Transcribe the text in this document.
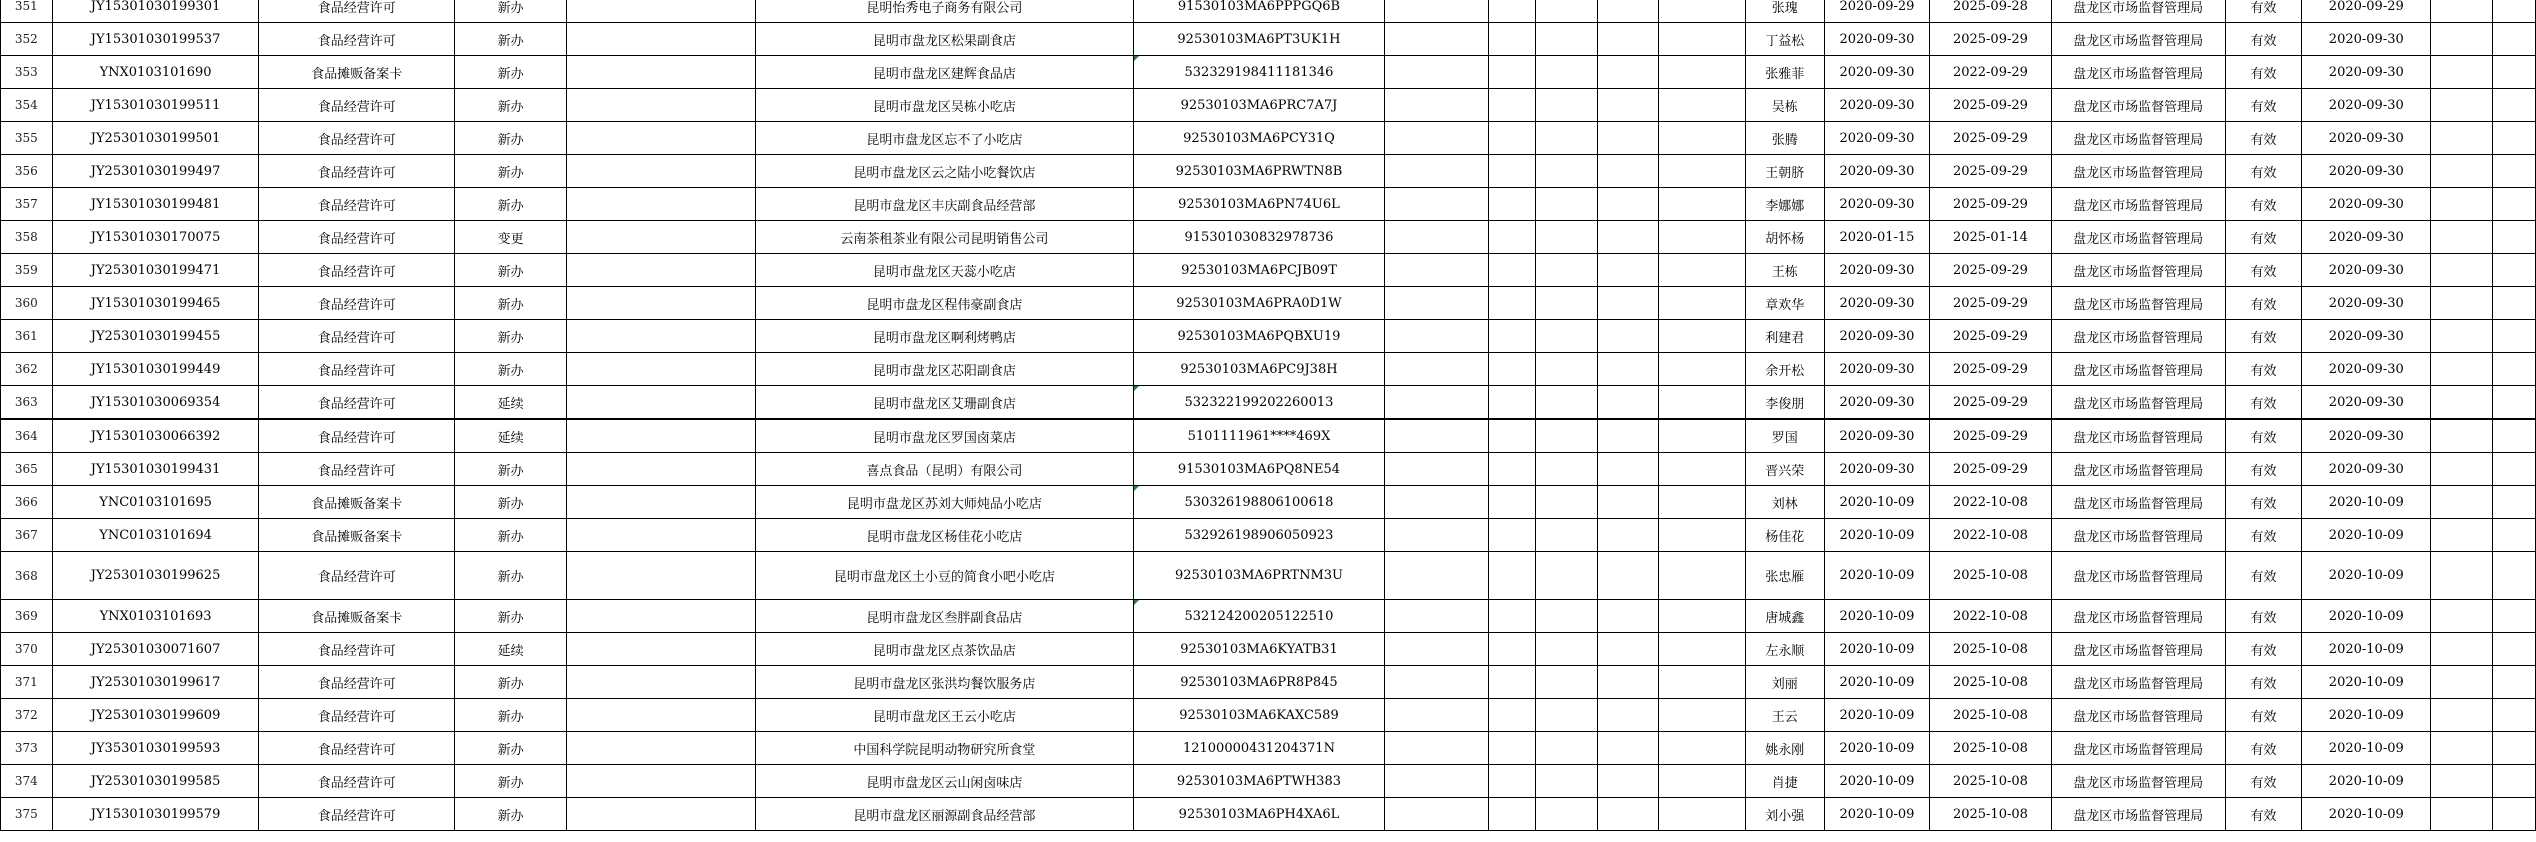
351	JY15301030199301	食品经营许可	新办		昆明怡秀电子商务有限公司	91530103MA6PPPGQ6B						张瑰	2020-09-29	2025-09-28	盘龙区市场监督管理局	有效	2020-09-29		
352	JY15301030199537	食品经营许可	新办		昆明市盘龙区松果副食店	92530103MA6PT3UK1H						丁益松	2020-09-30	2025-09-29	盘龙区市场监督管理局	有效	2020-09-30		
353	YNX0103101690	食品摊贩备案卡	新办		昆明市盘龙区建辉食品店	532329198411181346						张雅菲	2020-09-30	2022-09-29	盘龙区市场监督管理局	有效	2020-09-30		
354	JY15301030199511	食品经营许可	新办		昆明市盘龙区吴栋小吃店	92530103MA6PRC7A7J						吴栋	2020-09-30	2025-09-29	盘龙区市场监督管理局	有效	2020-09-30		
355	JY25301030199501	食品经营许可	新办		昆明市盘龙区忘不了小吃店	92530103MA6PCY31Q						张腾	2020-09-30	2025-09-29	盘龙区市场监督管理局	有效	2020-09-30		
356	JY25301030199497	食品经营许可	新办		昆明市盘龙区云之陆小吃餐饮店	92530103MA6PRWTN8B						王朝脐	2020-09-30	2025-09-29	盘龙区市场监督管理局	有效	2020-09-30		
357	JY15301030199481	食品经营许可	新办		昆明市盘龙区丰庆副食品经营部	92530103MA6PN74U6L						李娜娜	2020-09-30	2025-09-29	盘龙区市场监督管理局	有效	2020-09-30		
358	JY15301030170075	食品经营许可	变更		云南茶租茶业有限公司昆明销售公司	915301030832978736						胡怀杨	2020-01-15	2025-01-14	盘龙区市场监督管理局	有效	2020-09-30		
359	JY25301030199471	食品经营许可	新办		昆明市盘龙区天蕊小吃店	92530103MA6PCJB09T						王栋	2020-09-30	2025-09-29	盘龙区市场监督管理局	有效	2020-09-30		
360	JY15301030199465	食品经营许可	新办		昆明市盘龙区程伟豪副食店	92530103MA6PRA0D1W						章欢华	2020-09-30	2025-09-29	盘龙区市场监督管理局	有效	2020-09-30		
361	JY25301030199455	食品经营许可	新办		昆明市盘龙区啊利烤鸭店	92530103MA6PQBXU19						利建君	2020-09-30	2025-09-29	盘龙区市场监督管理局	有效	2020-09-30		
362	JY15301030199449	食品经营许可	新办		昆明市盘龙区芯阳副食店	92530103MA6PC9J38H						余开松	2020-09-30	2025-09-29	盘龙区市场监督管理局	有效	2020-09-30		
363	JY15301030069354	食品经营许可	延续		昆明市盘龙区艾珊副食店	532322199202260013						李俊朋	2020-09-30	2025-09-29	盘龙区市场监督管理局	有效	2020-09-30		
364	JY15301030066392	食品经营许可	延续		昆明市盘龙区罗国卤菜店	5101111961****469X						罗国	2020-09-30	2025-09-29	盘龙区市场监督管理局	有效	2020-09-30		
365	JY15301030199431	食品经营许可	新办		喜点食品（昆明）有限公司	91530103MA6PQ8NE54						晋兴荣	2020-09-30	2025-09-29	盘龙区市场监督管理局	有效	2020-09-30		
366	YNC0103101695	食品摊贩备案卡	新办		昆明市盘龙区苏刘大师炖品小吃店	530326198806100618						刘林	2020-10-09	2022-10-08	盘龙区市场监督管理局	有效	2020-10-09		
367	YNC0103101694	食品摊贩备案卡	新办		昆明市盘龙区杨佳花小吃店	532926198906050923						杨佳花	2020-10-09	2022-10-08	盘龙区市场监督管理局	有效	2020-10-09		
368	JY25301030199625	食品经营许可	新办		昆明市盘龙区土小豆的简食小吧小吃店	92530103MA6PRTNM3U						张忠雁	2020-10-09	2025-10-08	盘龙区市场监督管理局	有效	2020-10-09		
369	YNX0103101693	食品摊贩备案卡	新办		昆明市盘龙区叁胖副食品店	532124200205122510						唐城鑫	2020-10-09	2022-10-08	盘龙区市场监督管理局	有效	2020-10-09		
370	JY25301030071607	食品经营许可	延续		昆明市盘龙区点茶饮品店	92530103MA6KYATB31						左永顺	2020-10-09	2025-10-08	盘龙区市场监督管理局	有效	2020-10-09		
371	JY25301030199617	食品经营许可	新办		昆明市盘龙区张洪均餐饮服务店	92530103MA6PR8P845						刘丽	2020-10-09	2025-10-08	盘龙区市场监督管理局	有效	2020-10-09		
372	JY25301030199609	食品经营许可	新办		昆明市盘龙区王云小吃店	92530103MA6KAXC589						王云	2020-10-09	2025-10-08	盘龙区市场监督管理局	有效	2020-10-09		
373	JY35301030199593	食品经营许可	新办		中国科学院昆明动物研究所食堂	12100000431204371N						姚永刚	2020-10-09	2025-10-08	盘龙区市场监督管理局	有效	2020-10-09		
374	JY25301030199585	食品经营许可	新办		昆明市盘龙区云山闲卤味店	92530103MA6PTWH383						肖捷	2020-10-09	2025-10-08	盘龙区市场监督管理局	有效	2020-10-09		
375	JY15301030199579	食品经营许可	新办		昆明市盘龙区丽源副食品经营部	92530103MA6PH4XA6L						刘小强	2020-10-09	2025-10-08	盘龙区市场监督管理局	有效	2020-10-09		
